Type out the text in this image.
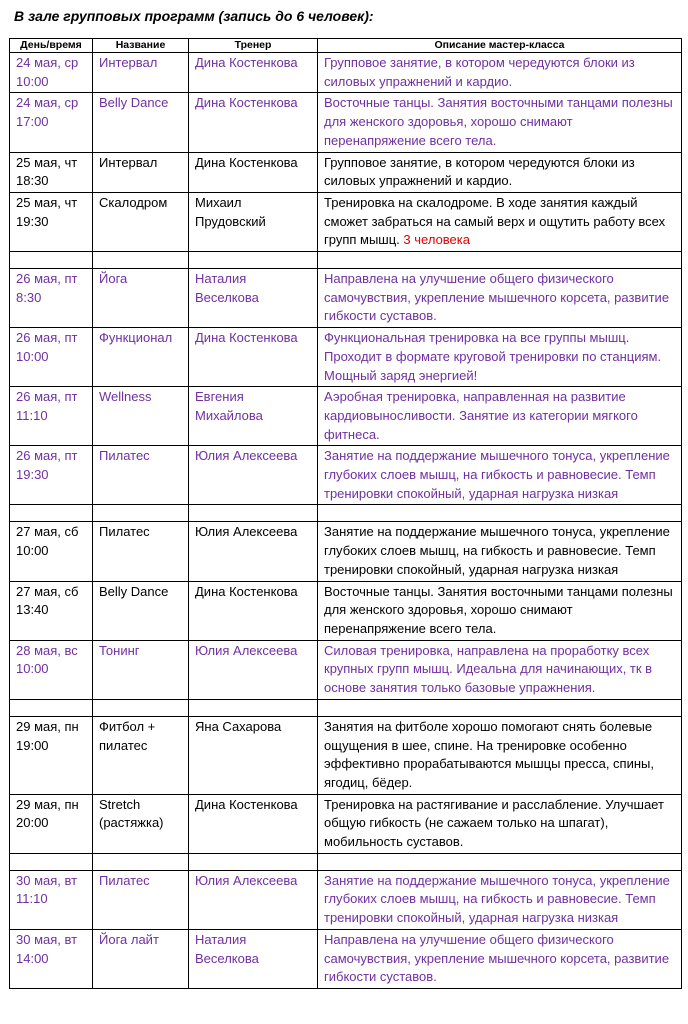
В зале групповых программ (запись до 6 человек):
День/время	Название	Тренер	Описание мастер-класса
24 мая, ср
10:00	Интервал	Дина Костенкова	Групповое занятие, в котором чередуются блоки из силовых упражнений и кардио.
24 мая, ср
17:00	Belly Dance	Дина Костенкова	Восточные танцы. Занятия восточными танцами полезны для женского здоровья, хорошо снимают перенапряжение всего тела.
25 мая, чт
18:30	Интервал	Дина Костенкова	Групповое занятие, в котором чередуются блоки из силовых упражнений и кардио.
25 мая, чт
19:30	Скалодром	Михаил Прудовский	Тренировка на скалодроме. В ходе занятия каждый сможет забраться на самый верх и ощутить работу всех групп мышц. 3 человека

26 мая, пт
8:30	Йога	Наталия Веселкова	Направлена на улучшение общего физического самочувствия, укрепление мышечного корсета, развитие гибкости суставов.
26 мая, пт
10:00	Функционал	Дина Костенкова	Функциональная тренировка на все группы мышц. Проходит в формате круговой тренировки по станциям. Мощный заряд энергией!
26 мая, пт
11:10	Wellness	Евгения Михайлова	Аэробная тренировка, направленная на развитие кардиовыносливости. Занятие из категории мягкого фитнеса.
26 мая, пт
19:30	Пилатес	Юлия Алексеева	Занятие на поддержание мышечного тонуса, укрепление глубоких слоев мышц, на гибкость и равновесие. Темп тренировки спокойный, ударная нагрузка низкая

27 мая, сб
10:00	Пилатес	Юлия Алексеева	Занятие на поддержание мышечного тонуса, укрепление глубоких слоев мышц, на гибкость и равновесие. Темп тренировки спокойный, ударная нагрузка низкая
27 мая, сб
13:40	Belly Dance	Дина Костенкова	Восточные танцы. Занятия восточными танцами полезны для женского здоровья, хорошо снимают перенапряжение всего тела.
28 мая, вс
10:00	Тонинг	Юлия Алексеева	Силовая тренировка, направлена на проработку всех крупных групп мышц. Идеальна для начинающих, тк в основе занятия только базовые упражнения.

29 мая, пн
19:00	Фитбол + пилатес	Яна Сахарова	Занятия на фитболе хорошо помогают снять болевые ощущения в шее, спине. На тренировке особенно эффективно прорабатываются мышцы пресса, спины, ягодиц, бёдер.
29 мая, пн
20:00	Stretch (растяжка)	Дина Костенкова	Тренировка на растягивание и расслабление. Улучшает общую гибкость (не сажаем только на шпагат), мобильность суставов.

30 мая, вт
11:10	Пилатес	Юлия Алексеева	Занятие на поддержание мышечного тонуса, укрепление глубоких слоев мышц, на гибкость и равновесие. Темп тренировки спокойный, ударная нагрузка низкая
30 мая, вт
14:00	Йога лайт	Наталия Веселкова	Направлена на улучшение общего физического самочувствия, укрепление мышечного корсета, развитие гибкости суставов.
